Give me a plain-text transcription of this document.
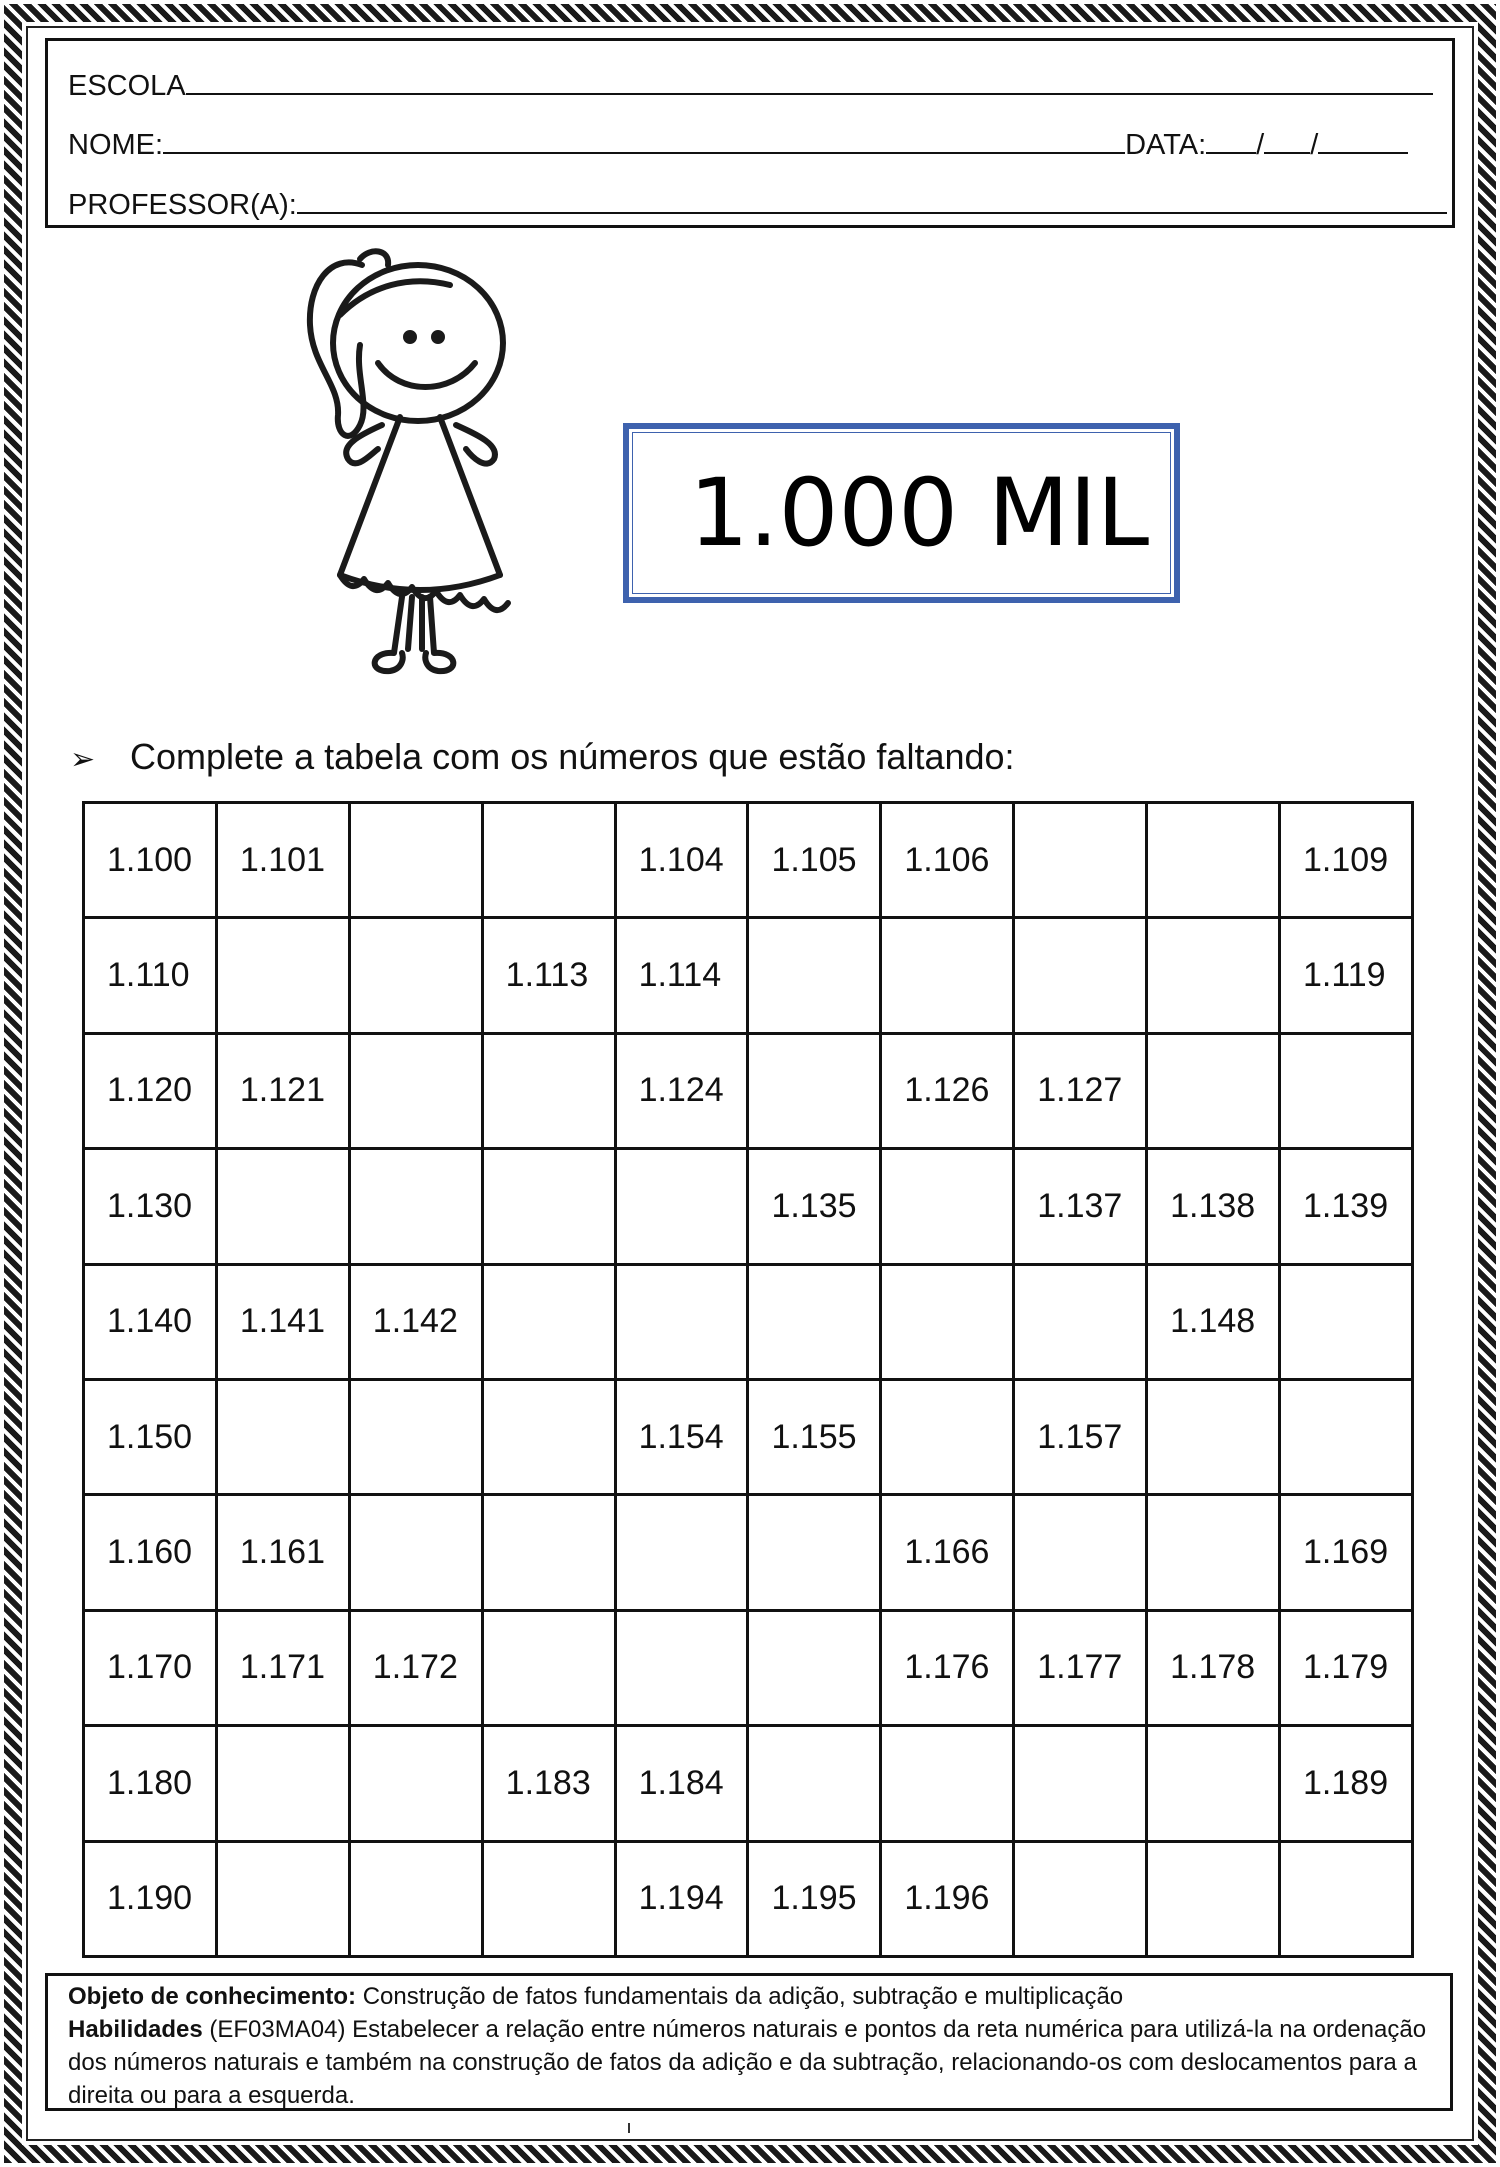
ESCOLA
NOME:	DATA: / /
PROFESSOR(A):
1.000 MIL
➢ Complete a tabela com os números que estão faltando:
1.100	1.101			1.104	1.105	1.106			1.109
1.110			1.113	1.114					1.119
1.120	1.121			1.124		1.126	1.127		
1.130					1.135		1.137	1.138	1.139
1.140	1.141	1.142						1.148	
1.150				1.154	1.155		1.157		
1.160	1.161					1.166			1.169
1.170	1.171	1.172				1.176	1.177	1.178	1.179
1.180			1.183	1.184					1.189
1.190				1.194	1.195	1.196			
Objeto de conhecimento: Construção de fatos fundamentais da adição, subtração e multiplicação
Habilidades (EF03MA04) Estabelecer a relação entre números naturais e pontos da reta numérica para utilizá-la na ordenação dos números naturais e também na construção de fatos da adição e da subtração, relacionando-os com deslocamentos para a direita ou para a esquerda.
